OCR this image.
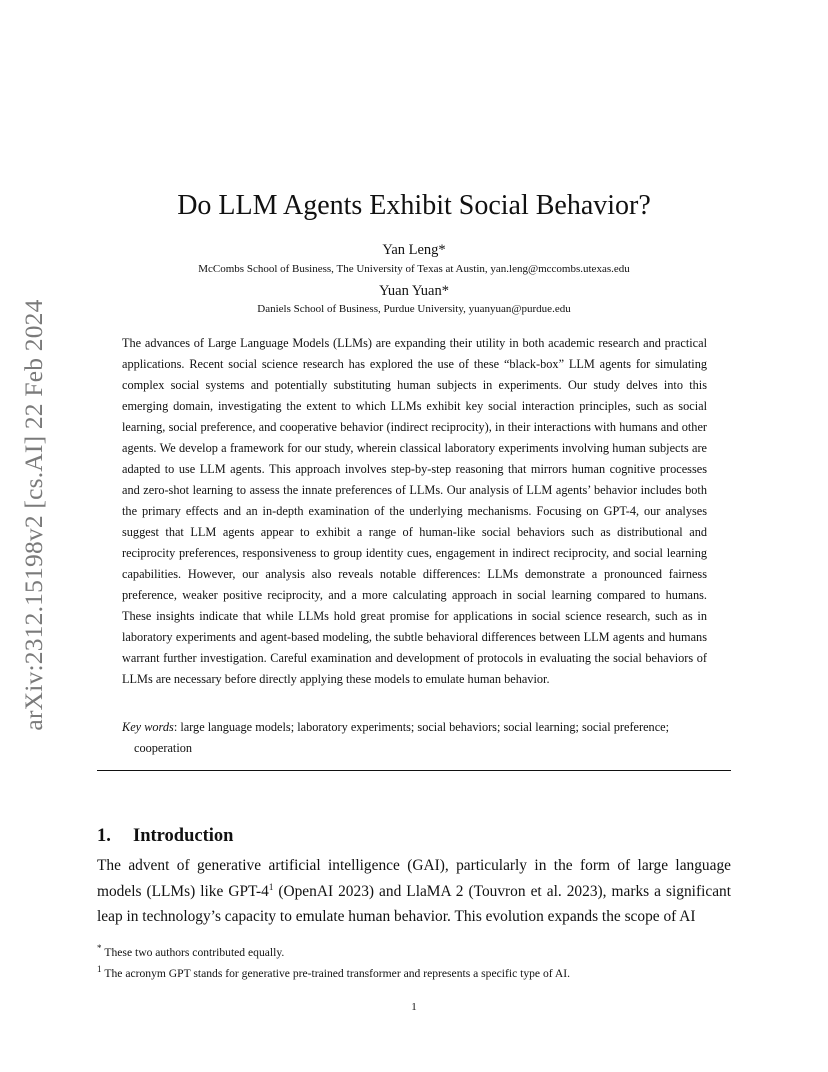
arXiv:2312.15198v2 [cs.AI] 22 Feb 2024
Do LLM Agents Exhibit Social Behavior?
Yan Leng*
McCombs School of Business, The University of Texas at Austin, yan.leng@mccombs.utexas.edu
Yuan Yuan*
Daniels School of Business, Purdue University, yuanyuan@purdue.edu

The advances of Large Language Models (LLMs) are expanding their utility in both academic research and practical applications. Recent social science research has explored the use of these “black-box” LLM agents for simulating complex social systems and potentially substituting human subjects in experiments. Our study delves into this emerging domain, investigating the extent to which LLMs exhibit key social interaction principles, such as social learning, social preference, and cooperative behavior (indirect reciprocity), in their interactions with humans and other agents. We develop a framework for our study, wherein classical laboratory experiments involving human subjects are adapted to use LLM agents. This approach involves step-by-step reasoning that mirrors human cognitive processes and zero-shot learning to assess the innate preferences of LLMs. Our analysis of LLM agents’ behavior includes both the primary effects and an in-depth examination of the underlying mechanisms. Focusing on GPT-4, our analyses suggest that LLM agents appear to exhibit a range of human-like social behaviors such as distributional and reciprocity preferences, responsiveness to group identity cues, engagement in indirect reciprocity, and social learning capabilities. However, our analysis also reveals notable differences: LLMs demonstrate a pronounced fairness preference, weaker positive reciprocity, and a more calculating approach in social learning compared to humans. These insights indicate that while LLMs hold great promise for applications in social science research, such as in laboratory experiments and agent-based modeling, the subtle behavioral differences between LLM agents and humans warrant further investigation. Careful examination and development of protocols in evaluating the social behaviors of LLMs are necessary before directly applying these models to emulate human behavior.

Key words: large language models; laboratory experiments; social behaviors; social learning; social preference; cooperation

1. Introduction

The advent of generative artificial intelligence (GAI), particularly in the form of large language models (LLMs) like GPT-$4^1$ (OpenAI 2023) and LlaMA 2 (Touvron et al. 2023), marks a significant leap in technology’s capacity to emulate human behavior. This evolution expands the scope of AI

* These two authors contributed equally.
$^1$ The acronym GPT stands for generative pre-trained transformer and represents a specific type of AI.
1
